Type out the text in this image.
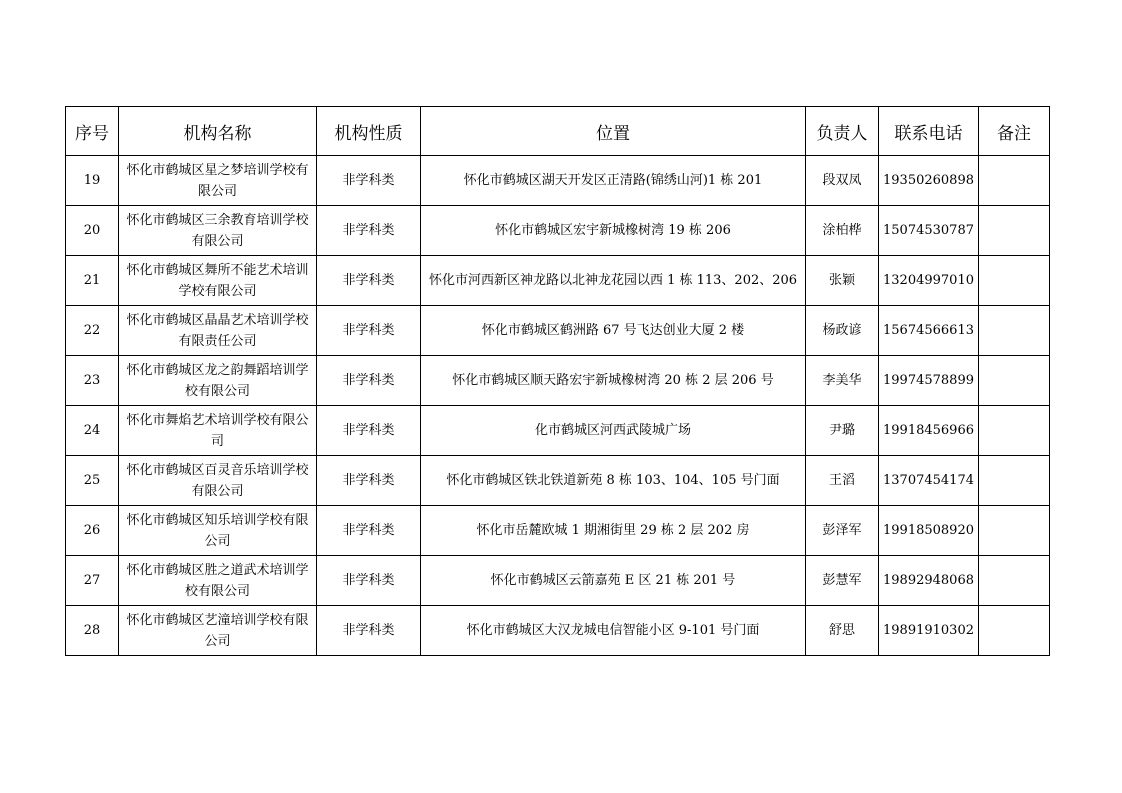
序号	机构名称	机构性质	位置	负责人	联系电话	备注
19	怀化市鹤城区星之梦培训学校有限公司	非学科类	怀化市鹤城区湖天开发区正清路(锦绣山河)1 栋 201	段双凤	19350260898	
20	怀化市鹤城区三余教育培训学校有限公司	非学科类	怀化市鹤城区宏宇新城橡树湾 19 栋 206	涂柏桦	15074530787	
21	怀化市鹤城区舞所不能艺术培训学校有限公司	非学科类	怀化市河西新区神龙路以北神龙花园以西 1 栋 113、202、206	张颖	13204997010	
22	怀化市鹤城区晶晶艺术培训学校有限责任公司	非学科类	怀化市鹤城区鹤洲路 67 号飞达创业大厦 2 楼	杨政谚	15674566613	
23	怀化市鹤城区龙之韵舞蹈培训学校有限公司	非学科类	怀化市鹤城区顺天路宏宇新城橡树湾 20 栋 2 层 206 号	李美华	19974578899	
24	怀化市舞焰艺术培训学校有限公司	非学科类	化市鹤城区河西武陵城广场	尹璐	19918456966	
25	怀化市鹤城区百灵音乐培训学校有限公司	非学科类	怀化市鹤城区铁北铁道新苑 8 栋 103、104、105 号门面	王滔	13707454174	
26	怀化市鹤城区知乐培训学校有限公司	非学科类	怀化市岳麓欧城 1 期湘街里 29 栋 2 层 202 房	彭泽军	19918508920	
27	怀化市鹤城区胜之道武术培训学校有限公司	非学科类	怀化市鹤城区云箭嘉苑 E 区 21 栋 201 号	彭慧军	19892948068	
28	怀化市鹤城区艺潼培训学校有限公司	非学科类	怀化市鹤城区大汉龙城电信智能小区 9-101 号门面	舒思	19891910302	
